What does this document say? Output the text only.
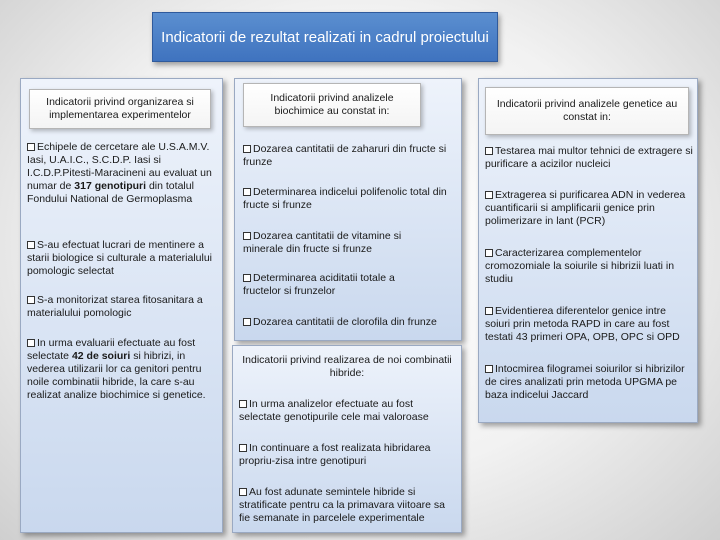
Indicatorii de rezultat realizati in cadrul proiectului
Indicatorii privind organizarea si implementarea experimentelor
Echipele de cercetare ale U.S.A.M.V. Iasi, U.A.I.C., S.C.D.P. Iasi si I.C.D.P.Pitesti-Maracineni au evaluat un numar de 317 genotipuri din totalul Fondului National de Germoplasma
S-au efectuat lucrari de mentinere a starii biologice si culturale a materialului pomologic selectat
S-a monitorizat starea fitosanitara a materialului pomologic
In urma evaluarii efectuate au fost selectate 42 de soiuri si hibrizi, in vederea utilizarii lor ca genitori pentru noile combinatii hibride, la care s-au realizat analize biochimice si genetice.
Indicatorii privind analizele biochimice au constat in:
Dozarea cantitatii de zaharuri din fructe si frunze
Determinarea indicelui polifenolic total din fructe si frunze
Dozarea cantitatii de vitamine si minerale din fructe si frunze
Determinarea aciditatii totale a fructelor si frunzelor
Dozarea cantitatii de clorofila din frunze
Indicatorii privind realizarea de noi combinatii hibride:
In urma analizelor efectuate au fost selectate genotipurile cele mai valoroase
In continuare a fost realizata hibridarea propriu-zisa intre genotipuri
Au fost adunate semintele hibride si stratificate pentru ca la primavara viitoare sa fie semanate in parcelele experimentale
Indicatorii privind analizele genetice au constat in:
Testarea mai multor tehnici de extragere si purificare a acizilor nucleici
Extragerea si purificarea ADN in vederea cuantificarii si amplificarii genice prin polimerizare in lant (PCR)
Caracterizarea complementelor cromozomiale la soiurile si hibrizii luati in studiu
Evidentierea diferentelor genice intre soiuri prin metoda RAPD in care au fost testati 43 primeri OPA, OPB, OPC si OPD
Intocmirea filogramei soiurilor si hibrizilor de cires analizati prin metoda UPGMA pe baza indicelui Jaccard
